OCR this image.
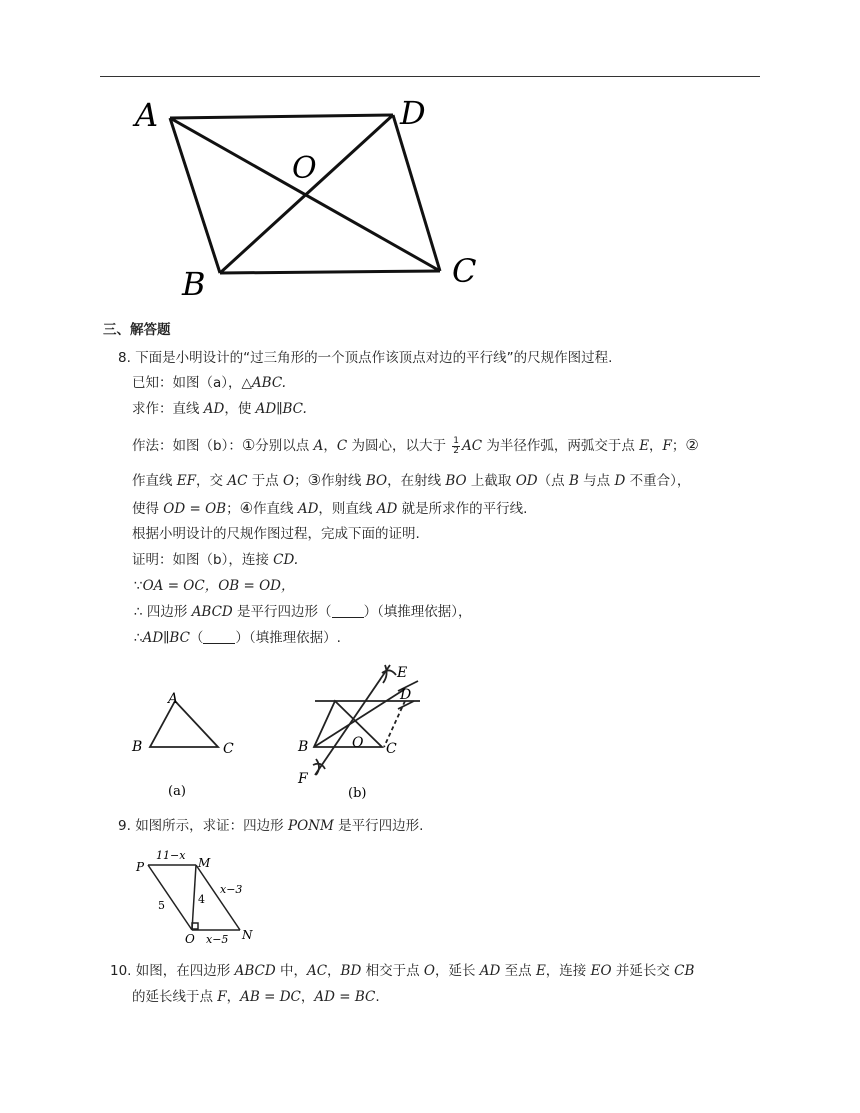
A	D
O
B	C
三、解答题
8. 下面是小明设计的“过三角形的一个顶点作该顶点对边的平行线”的尺规作图过程.
已知：如图（a），△ABC.
求作：直线 AD，使 AD∥BC.
作法：如图（b）：①分别以点 A，C 为圆心，以大于 $\frac{1}{2}$ AC 为半径作弧，两弧交于点 E，F；②
作直线 EF，交 AC 于点 O；③作射线 BO，在射线 BO 上截取 OD（点 B 与点 D 不重合），
使得 OD = OB；④作直线 AD，则直线 AD 就是所求作的平行线.
根据小明设计的尺规作图过程，完成下面的证明.
证明：如图（b），连接 CD.
∵OA = OC，OB = OD，
∴ 四边形 ABCD 是平行四边形（ ）（填推理依据），
∴AD∥BC（ ）（填推理依据）.
A
B	C
(a)
E
D
B	O C
F
(b)
9. 如图所示，求证：四边形 PONM 是平行四边形.
P	M
O	N
11−x
x−3
5	4
x−5
10. 如图，在四边形 ABCD 中，AC，BD 相交于点 O，延长 AD 至点 E，连接 EO 并延长交 CB
的延长线于点 F，AB = DC，AD = BC.
